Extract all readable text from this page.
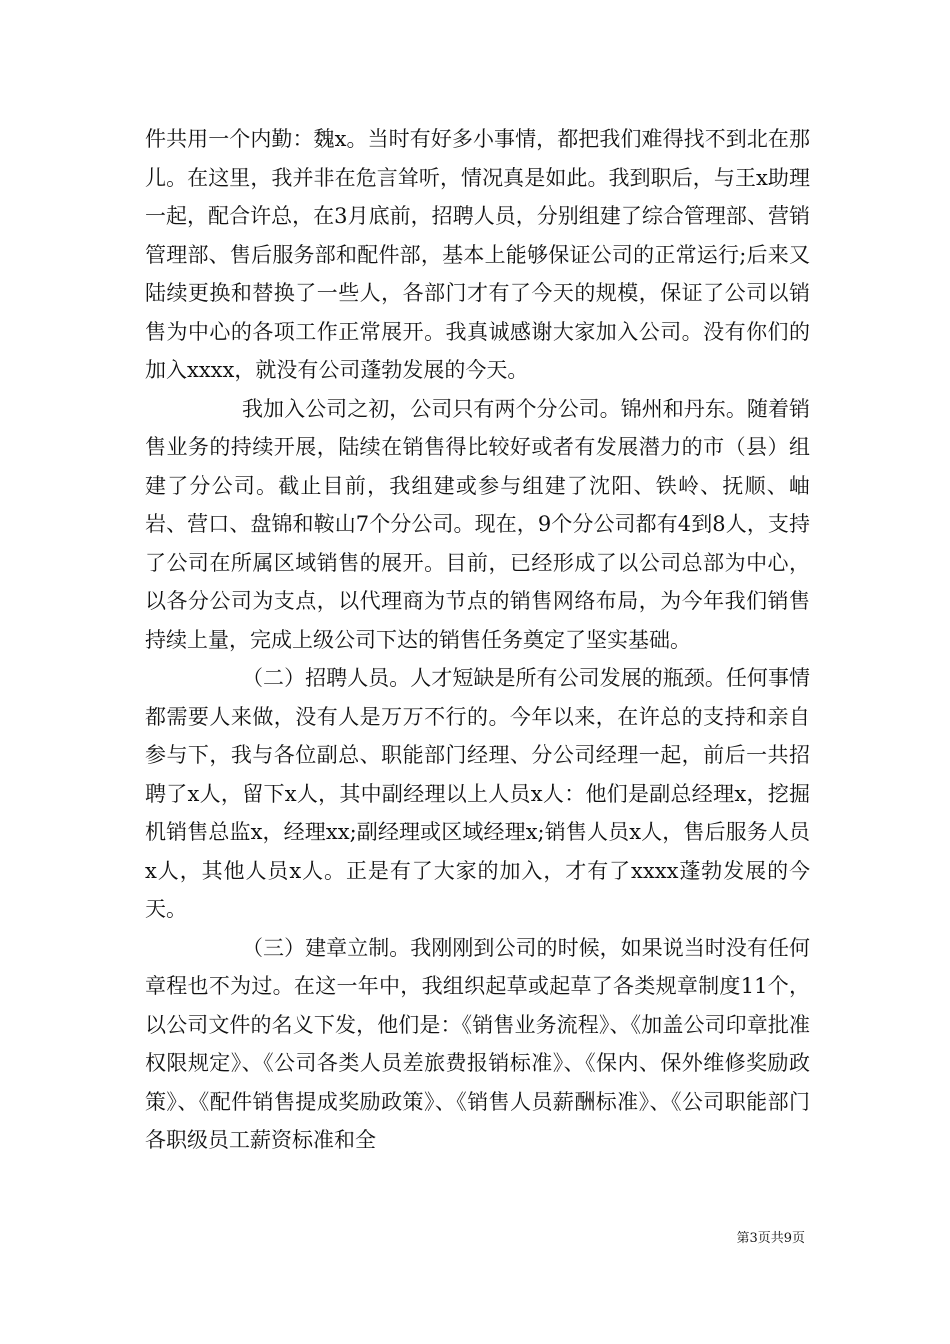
件共用一个内勤：魏x。当时有好多小事情，都把我们难得找不到北在那儿。在这里，我并非在危言耸听，情况真是如此。我到职后，与王x助理一起，配合许总，在3月底前，招聘人员，分别组建了综合管理部、营销管理部、售后服务部和配件部，基本上能够保证公司的正常运行;后来又陆续更换和替换了一些人，各部门才有了今天的规模，保证了公司以销售为中心的各项工作正常展开。我真诚感谢大家加入公司。没有你们的加入xxxx，就没有公司蓬勃发展的今天。

我加入公司之初，公司只有两个分公司。锦州和丹东。随着销售业务的持续开展，陆续在销售得比较好或者有发展潜力的市（县）组建了分公司。截止目前，我组建或参与组建了沈阳、铁岭、抚顺、岫岩、营口、盘锦和鞍山7个分公司。现在，9个分公司都有4到8人，支持了公司在所属区域销售的展开。目前，已经形成了以公司总部为中心，以各分公司为支点，以代理商为节点的销售网络布局，为今年我们销售持续上量，完成上级公司下达的销售任务奠定了坚实基础。

（二）招聘人员。人才短缺是所有公司发展的瓶颈。任何事情都需要人来做，没有人是万万不行的。今年以来，在许总的支持和亲自参与下，我与各位副总、职能部门经理、分公司经理一起，前后一共招聘了x人，留下x人，其中副经理以上人员x人：他们是副总经理x，挖掘机销售总监x，经理xx;副经理或区域经理x;销售人员x人，售后服务人员x人，其他人员x人。正是有了大家的加入，才有了xxxx蓬勃发展的今天。

（三）建章立制。我刚刚到公司的时候，如果说当时没有任何章程也不为过。在这一年中，我组织起草或起草了各类规章制度11个，以公司文件的名义下发，他们是：《销售业务流程》、《加盖公司印章批准权限规定》、《公司各类人员差旅费报销标准》、《保内、保外维修奖励政策》、《配件销售提成奖励政策》、《销售人员薪酬标准》、《公司职能部门各职级员工薪资标准和全

第3页共9页
